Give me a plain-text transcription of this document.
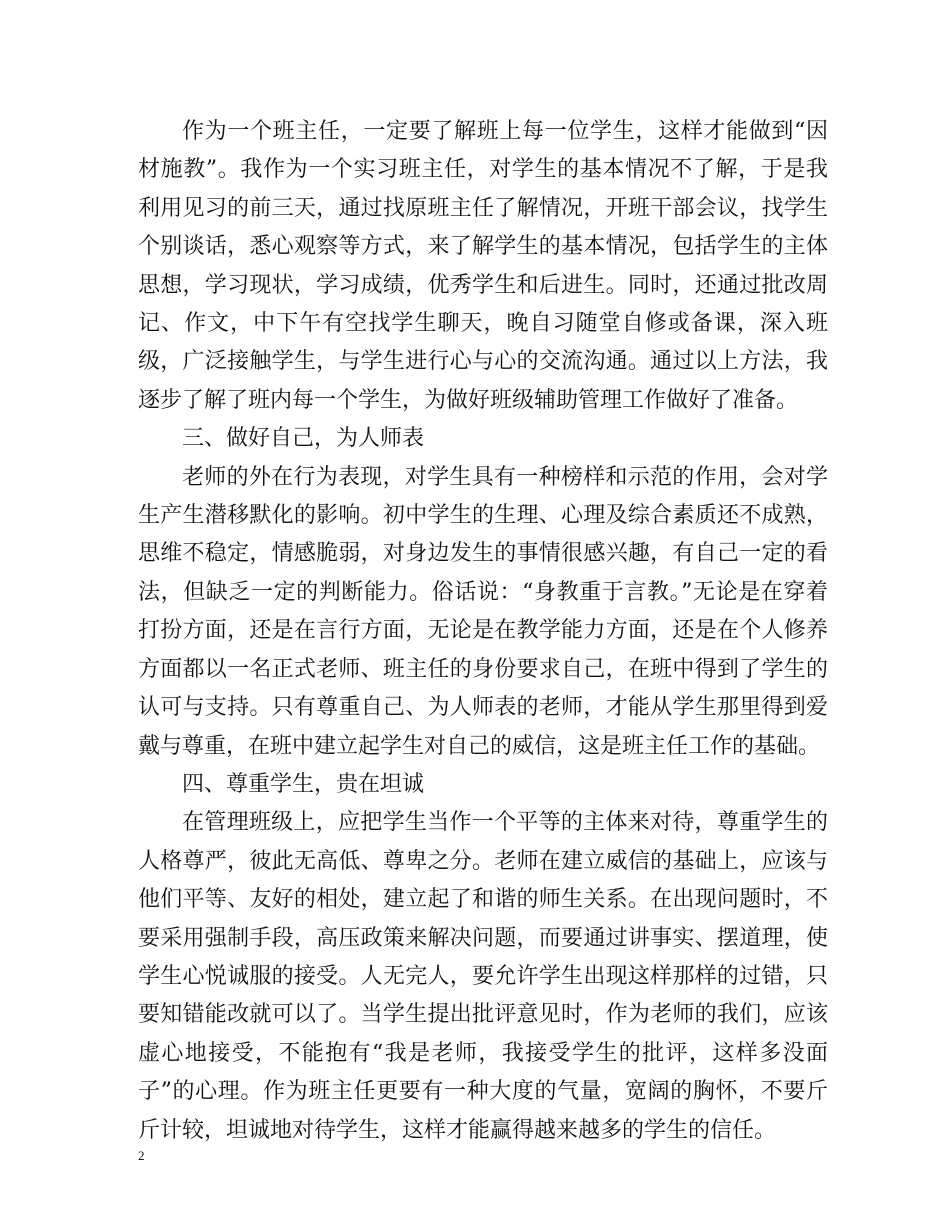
作为一个班主任，一定要了解班上每一位学生，这样才能做到“因材施教”。我作为一个实习班主任，对学生的基本情况不了解，于是我利用见习的前三天，通过找原班主任了解情况，开班干部会议，找学生个别谈话，悉心观察等方式，来了解学生的基本情况，包括学生的主体思想，学习现状，学习成绩，优秀学生和后进生。同时，还通过批改周记、作文，中下午有空找学生聊天，晚自习随堂自修或备课，深入班级，广泛接触学生，与学生进行心与心的交流沟通。通过以上方法，我逐步了解了班内每一个学生，为做好班级辅助管理工作做好了准备。

三、做好自己，为人师表

老师的外在行为表现，对学生具有一种榜样和示范的作用，会对学生产生潜移默化的影响。初中学生的生理、心理及综合素质还不成熟，思维不稳定，情感脆弱，对身边发生的事情很感兴趣，有自己一定的看法，但缺乏一定的判断能力。俗话说：“身教重于言教。”无论是在穿着打扮方面，还是在言行方面，无论是在教学能力方面，还是在个人修养方面都以一名正式老师、班主任的身份要求自己，在班中得到了学生的认可与支持。只有尊重自己、为人师表的老师，才能从学生那里得到爱戴与尊重，在班中建立起学生对自己的威信，这是班主任工作的基础。

四、尊重学生，贵在坦诚

在管理班级上，应把学生当作一个平等的主体来对待，尊重学生的人格尊严，彼此无高低、尊卑之分。老师在建立威信的基础上，应该与他们平等、友好的相处，建立起了和谐的师生关系。在出现问题时，不要采用强制手段，高压政策来解决问题，而要通过讲事实、摆道理，使学生心悦诚服的接受。人无完人，要允许学生出现这样那样的过错，只要知错能改就可以了。当学生提出批评意见时，作为老师的我们，应该虚心地接受，不能抱有“我是老师，我接受学生的批评，这样多没面子”的心理。作为班主任更要有一种大度的气量，宽阔的胸怀，不要斤斤计较，坦诚地对待学生，这样才能赢得越来越多的学生的信任。

2
